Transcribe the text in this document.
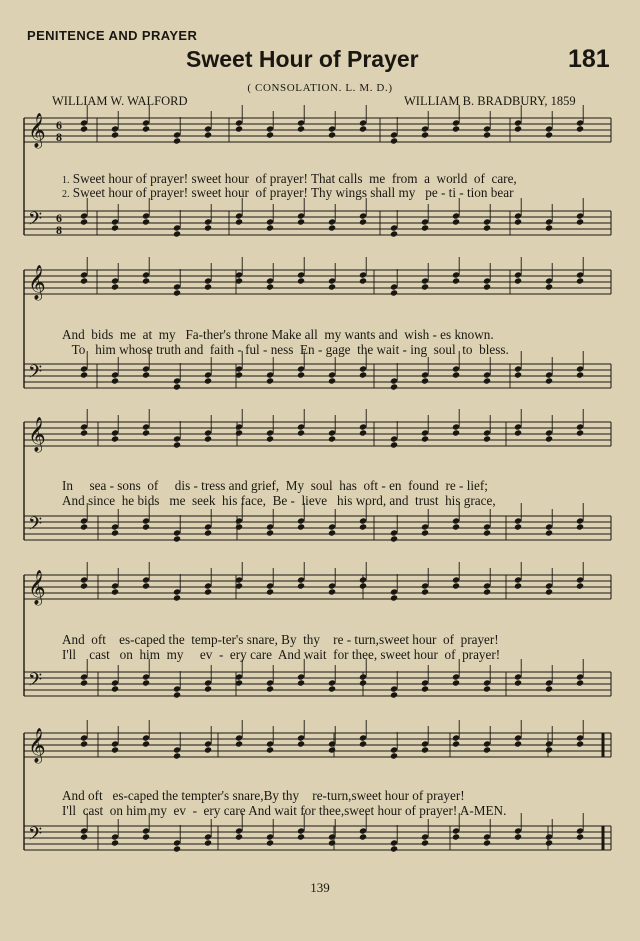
PENITENCE AND PRAYER
Sweet Hour of Prayer	181
( CONSOLATION. L. M. D.)
WILLIAM W. WALFORD	WILLIAM B. BRADBURY, 1859
𝄞
𝄢
𝄞
𝄢
𝄞
𝄢
𝄞
𝄢
𝄞
𝄢
6
8
6
8
1. Sweet hour of prayer! sweet hour  of prayer! That calls  me  from  a  world  of  care,
2. Sweet hour of prayer! sweet hour  of prayer! Thy wings shall my   pe - ti - tion bear
And  bids  me  at  my   Fa-ther's throne Make all  my wants and  wish - es known.
To   him whose truth and  faith - ful - ness  En - gage  the wait - ing  soul  to  bless.
In     sea - sons  of     dis - tress and grief,  My  soul  has  oft - en  found  re - lief;
And since  he bids   me  seek  his face,  Be -  lieve   his word, and  trust  his grace,
And  oft    es-caped the  temp-ter's snare, By  thy    re - turn,sweet hour  of  prayer!
I'll    cast   on  him  my     ev  -  ery care  And wait  for thee, sweet hour  of  prayer!
And oft   es-caped the tempter's snare,By thy    re-turn,sweet hour of prayer!
I'll  cast  on him my  ev  -  ery care And wait for thee,sweet hour of prayer! A-MEN.
139
